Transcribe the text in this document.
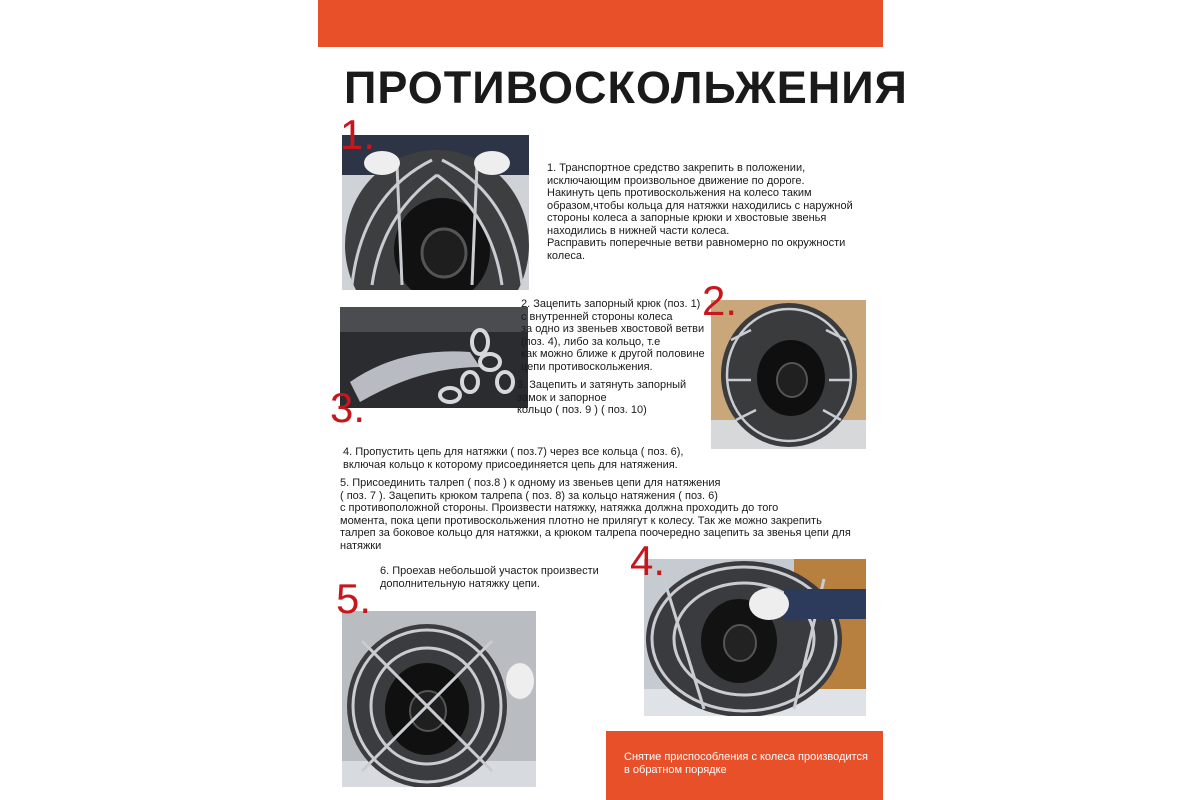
ПРОТИВОСКОЛЬЖЕНИЯ
1.
1. Транспортное средство закрепить в положении,
исключающим произвольное движение по дороге.
Накинуть цепь противоскольжения на колесо таким
образом,чтобы кольца для натяжки находились с наружной
стороны колеса а запорные крюки и хвостовые звенья
находились в нижней части колеса.
Расправить поперечные ветви равномерно по окружности колеса.
3.
2. Зацепить запорный крюк (поз. 1)
с внутренней стороны колеса
за одно из звеньев хвостовой ветви
(поз. 4), либо за кольцо, т.е
как можно ближе к другой половине
цепи противоскольжения.
3. Зацепить и затянуть запорный
замок и запорное
кольцо ( поз. 9 ) ( поз. 10)
2.
4. Пропустить цепь для натяжки ( поз.7) через все кольца ( поз. 6),
включая кольцо к которому присоединяется цепь для натяжения.
5. Присоединить талреп ( поз.8 ) к одному из звеньев цепи для натяжения
( поз. 7 ). Зацепить крюком талрепа ( поз. 8) за кольцо натяжения ( поз. 6)
с противоположной стороны. Произвести натяжку, натяжка должна проходить до того
момента, пока цепи противоскольжения плотно не прилягут к колесу. Так же можно закрепить
талреп за боковое кольцо для натяжки, а крюком талрепа поочередно зацепить за звенья цепи для натяжки
6. Проехав небольшой участок произвести
дополнительную натяжку цепи.
5.
4.
Снятие приспособления с колеса производится
в обратном порядке
